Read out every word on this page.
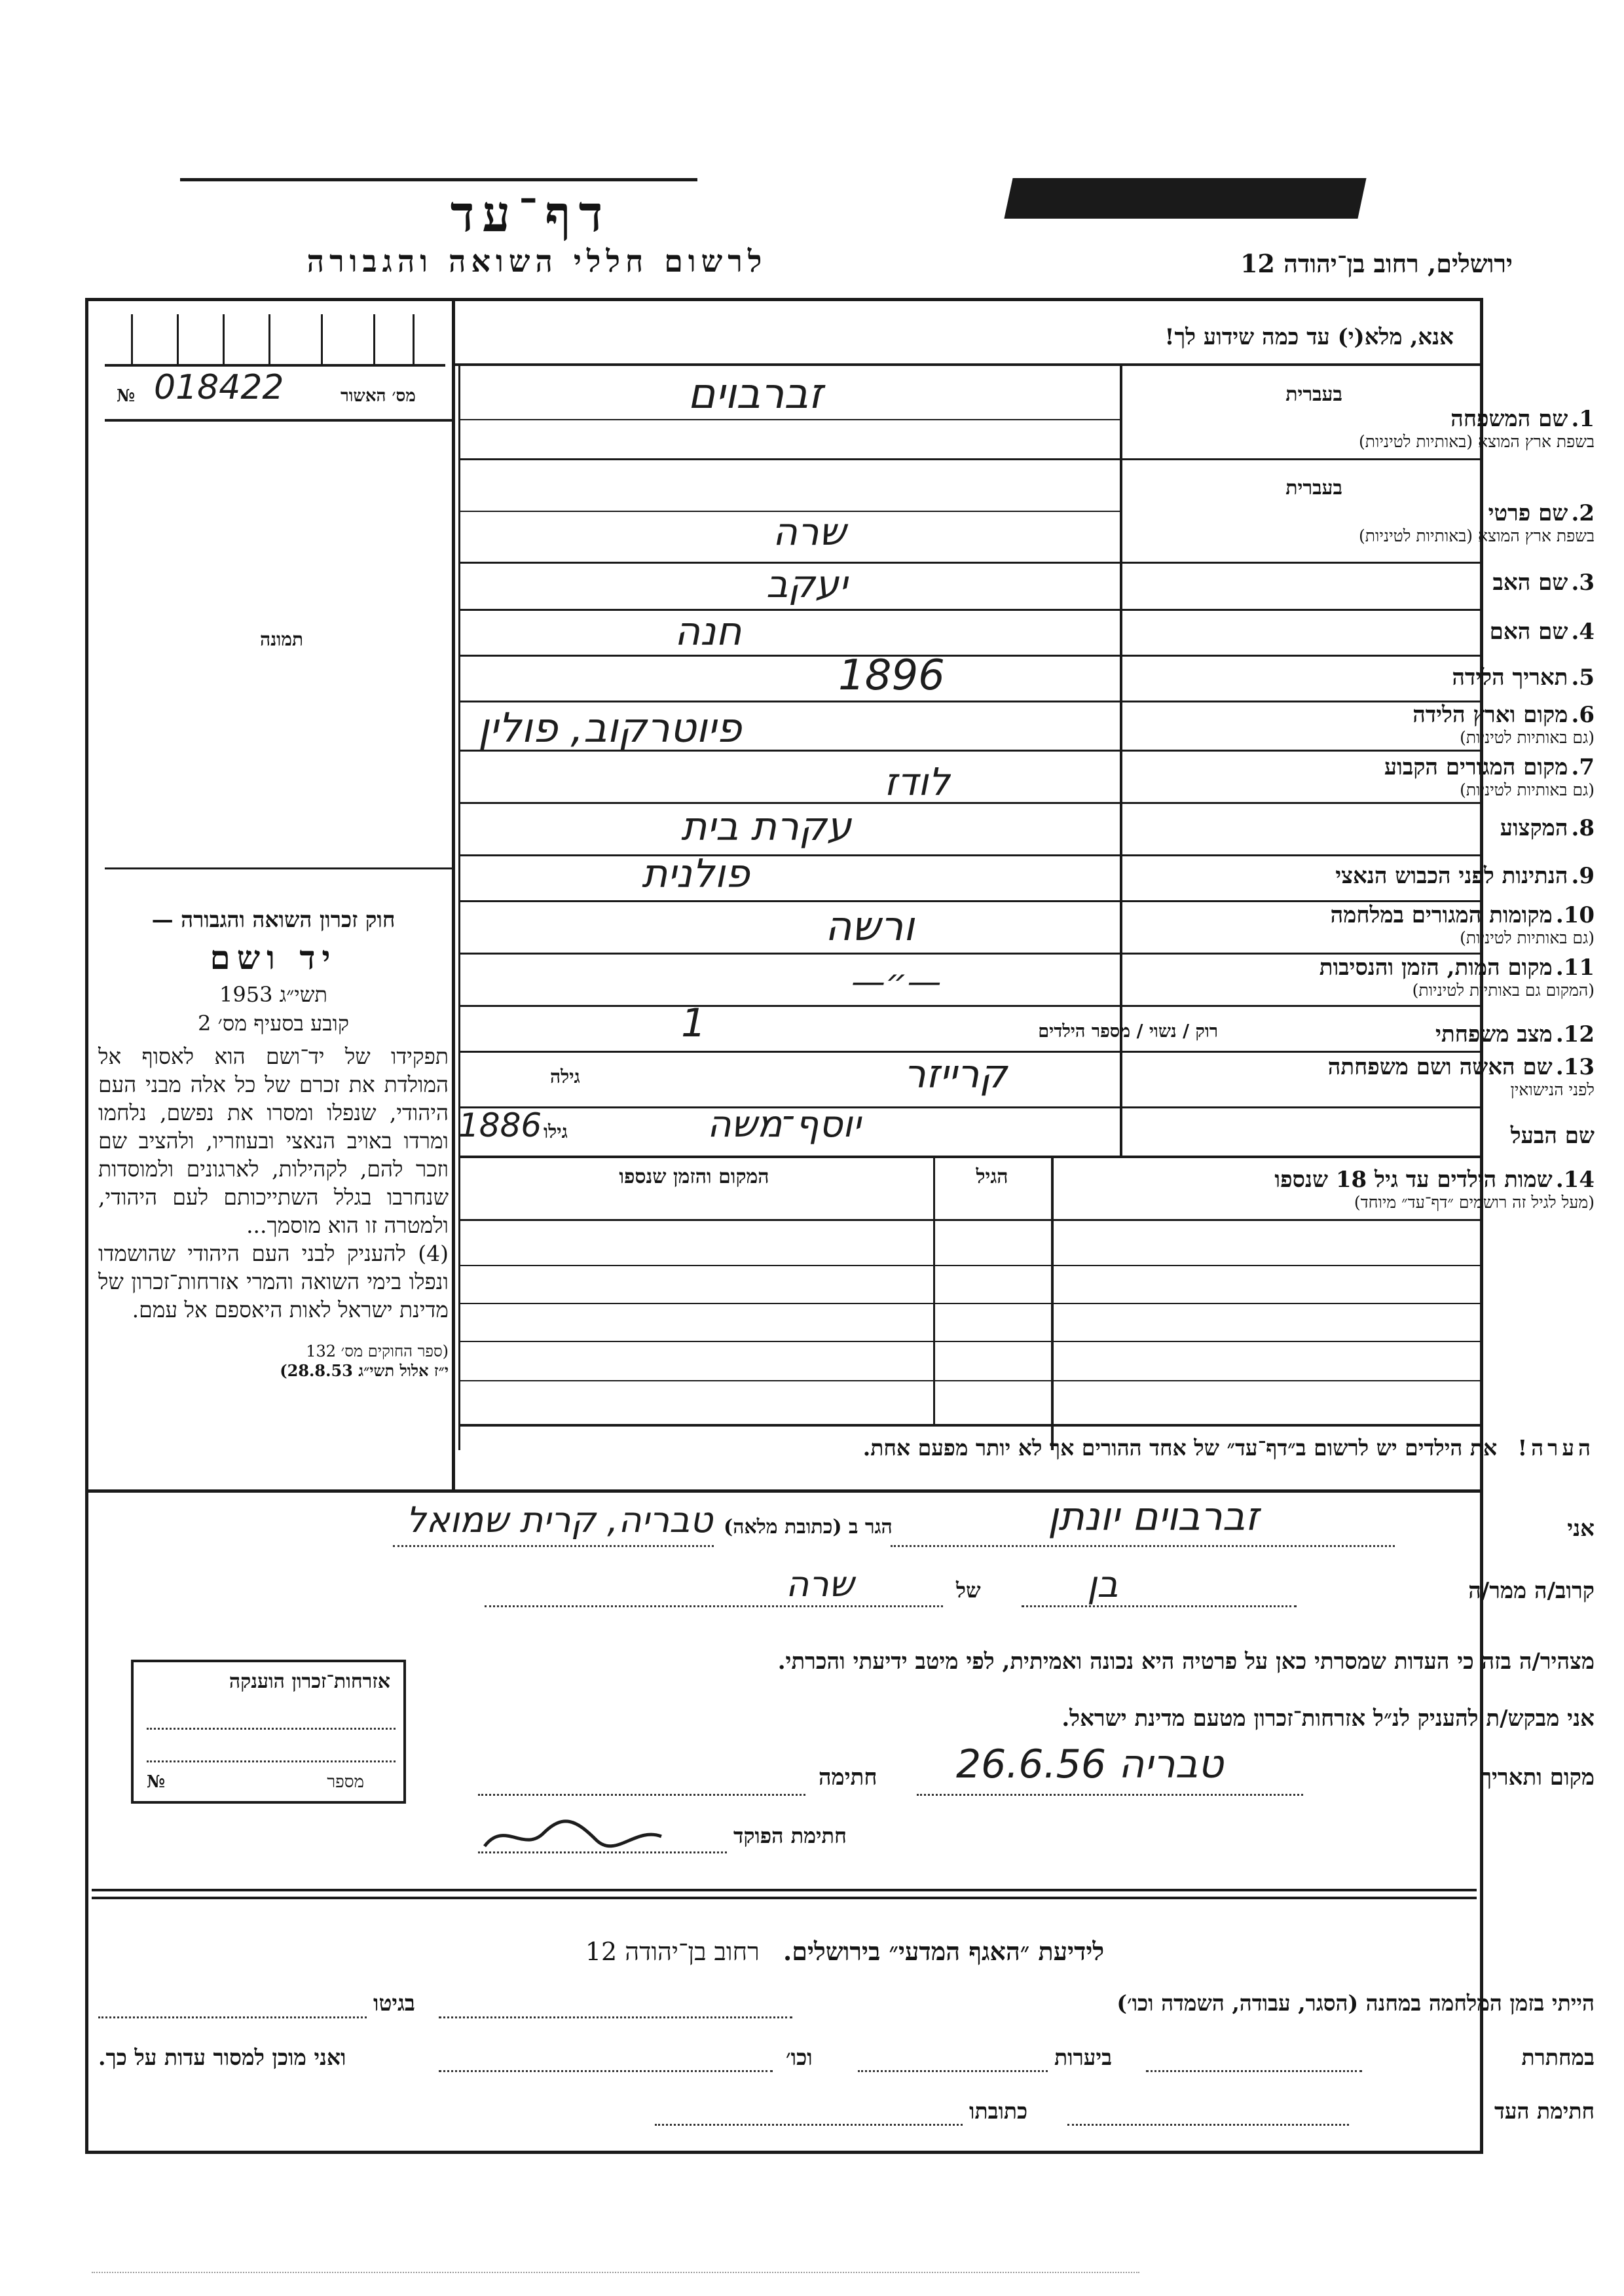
דף־עד
לרשום חללי השואה והגבורה	ירושלים, רחוב בן־יהודה 12
מס׳ האשור
№ 018422
תמונה

חוק זכרון השואה והגבורה —

יד ושם

תשי״ג 1953

קובע בסעיף מס׳ 2

תפקידו של יד־ושם הוא לאסוף אל המולדת את זכרם של כל אלה מבני העם היהודי, שנפלו ומסרו את נפשם, נלחמו ומרדו באויב הנאצי ובעוזריו, ולהציב שם וזכר להם, לקהילות, לארגונים ולמוסדות שנחרבו בגלל השתייכותם לעם היהודי, ולמטרה זו הוא מוסמך...

(4) להעניק לבני העם היהודי שהושמדו ונפלו בימי השואה והמרי אזרחות־זכרון של מדינת ישראל לאות היאספם אל עמם.

(ספר החוקים מס׳ 132

י״ז אלול תשי״ג 28.8.53)

אנא, מלא(י) עד כמה שידוע לך!
בעברית
1. שם המשפחה
בשפת ארץ המוצא (באותיות לטיניות)
זברבוים
בעברית
2. שם פרטי
בשפת ארץ המוצא (באותיות לטיניות)
שרה
3. שם האב
יעקב
4. שם האם
חנה
5. תאריך הלידה
1896
6. מקום וארץ הלידה
(גם באותיות לטיניות)
פיוטרקוב, פולין
7. מקום המגורים הקבוע
(גם באותיות לטיניות)
לודז
8. המקצוע
עקרת בית
9. הנתינות לפני הכבוש הנאצי
פולנית
10. מקומות המגורים במלחמה
(גם באותיות לטיניות)
ורשה
11. מקום המות, הזמן והנסיבות
(המקום גם באותיות לטיניות)
—״—
12. מצב משפחתי
רוק / נשוי / מספר הילדים
1
13. שם האשה ושם משפחתה
לפני הנישואין
גילה	קרייזר
שם הבעל
יוסף־משה
גילו
1886
14. שמות הילדים עד גיל 18 שנספו
(מעל לגיל זה רושמים ״דף־עד״ מיוחד)
הגיל
המקום והזמן שנספו
הערה!   את הילדים יש לרשום ב״דף־עד״ של אחד ההורים אך לא יותר מפעם אחת.
אני
זברבוים יונתן
הגר ב (כתובת מלאה)
טבריה, קרית שמואל
קרוב/ה ממר/ה
בן
של
שרה
מצהיר/ה בזה כי העדות שמסרתי כאן על פרטיה היא נכונה ואמיתית, לפי מיטב ידיעתי והכרתי.
אני מבקש/ת להעניק לנ״ל אזרחות־זכרון מטעם מדינת ישראל.
מקום ותאריך
טבריה 26.6.56
חתימה
חתימת הפוקד
אזרחות־זכרון הוענקה
מספר
№
לידיעת ״האגף המדעי״ בירושלים.   רחוב בן־יהודה 12
הייתי בזמן המלחמה במחנה (הסגר, עבודה, השמדה וכו׳)
בגיטו
במחתרת
ביערות
וכו׳
ואני מוכן למסור עדות על כך.
חתימת העד
כתובתו
